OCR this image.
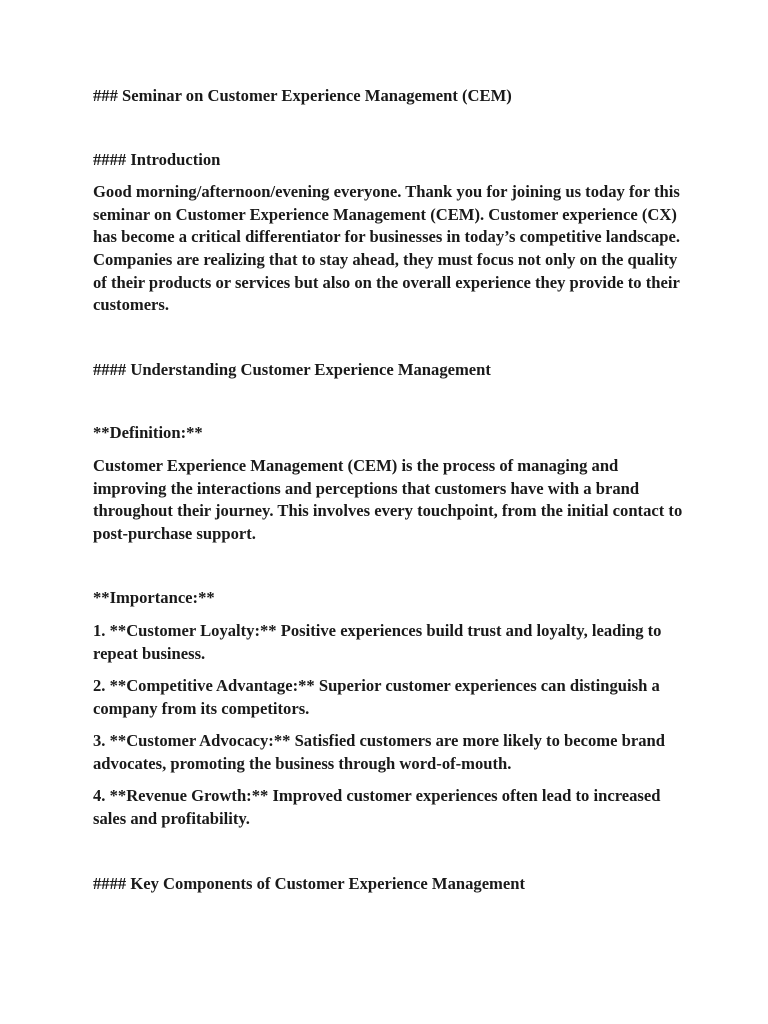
### Seminar on Customer Experience Management (CEM)

#### Introduction

Good morning/afternoon/evening everyone. Thank you for joining us today for this seminar on Customer Experience Management (CEM). Customer experience (CX) has become a critical differentiator for businesses in today’s competitive landscape. Companies are realizing that to stay ahead, they must focus not only on the quality of their products or services but also on the overall experience they provide to their customers.

#### Understanding Customer Experience Management

**Definition:**

Customer Experience Management (CEM) is the process of managing and improving the interactions and perceptions that customers have with a brand throughout their journey. This involves every touchpoint, from the initial contact to post-purchase support.

**Importance:**

1. **Customer Loyalty:** Positive experiences build trust and loyalty, leading to repeat business.

2. **Competitive Advantage:** Superior customer experiences can distinguish a company from its competitors.

3. **Customer Advocacy:** Satisfied customers are more likely to become brand advocates, promoting the business through word-of-mouth.

4. **Revenue Growth:** Improved customer experiences often lead to increased sales and profitability.

#### Key Components of Customer Experience Management
